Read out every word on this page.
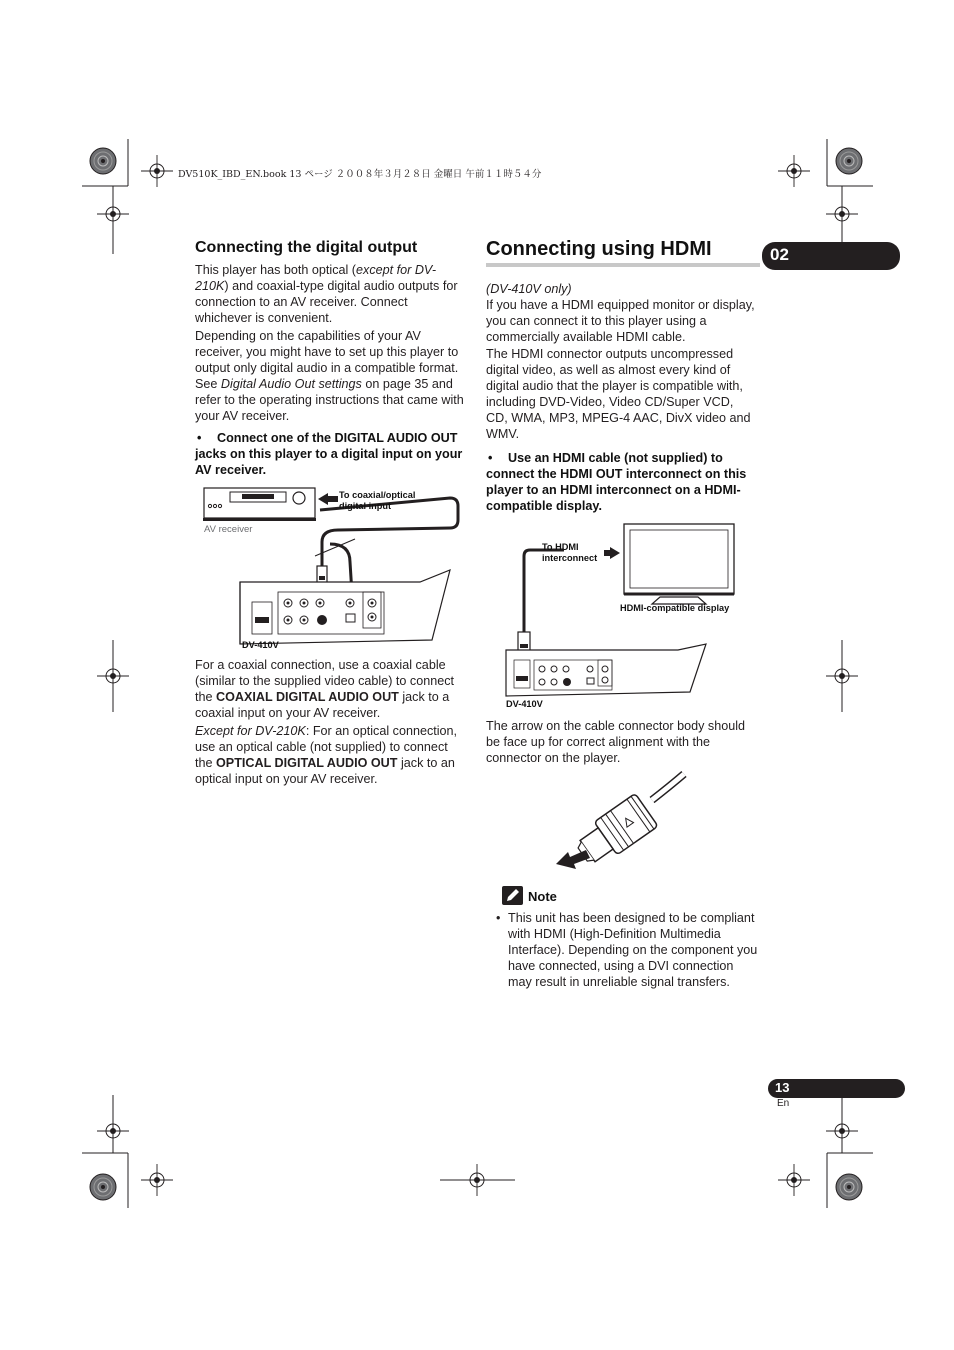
DV510K_IBD_EN.book 13 ページ ２００８年３月２８日 金曜日 午前１１時５４分
02
Connecting the digital output

This player has both optical (except for DV-210K) and coaxial-type digital audio outputs for connection to an AV receiver. Connect whichever is convenient.

Depending on the capabilities of your AV receiver, you might have to set up this player to output only digital audio in a compatible format. See Digital Audio Out settings on page 35 and refer to the operating instructions that came with your AV receiver.

•	Connect one of the DIGITAL AUDIO OUT jacks on this player to a digital input on your AV receiver.
To coaxial/optical digital input
AV receiver
DV-410V

For a coaxial connection, use a coaxial cable (similar to the supplied video cable) to connect the COAXIAL DIGITAL AUDIO OUT jack to a coaxial input on your AV receiver.

Except for DV-210K: For an optical connection, use an optical cable (not supplied) to connect the OPTICAL DIGITAL AUDIO OUT jack to an optical input on your AV receiver.

Connecting using HDMI

(DV-410V only)

If you have a HDMI equipped monitor or display, you can connect it to this player using a commercially available HDMI cable.

The HDMI connector outputs uncompressed digital video, as well as almost every kind of digital audio that the player is compatible with, including DVD-Video, Video CD/Super VCD, CD, WMA, MP3, MPEG-4 AAC, DivX video and WMV.

•	Use an HDMI cable (not supplied) to connect the HDMI OUT interconnect on this player to an HDMI interconnect on a HDMI-compatible display.
To HDMI interconnect
HDMI-compatible display
DV-410V
The arrow on the cable connector body should be face up for correct alignment with the connector on the player.
Note
• This unit has been designed to be compliant with HDMI (High-Definition Multimedia Interface). Depending on the component you have connected, using a DVI connection may result in unreliable signal transfers.
13
En
